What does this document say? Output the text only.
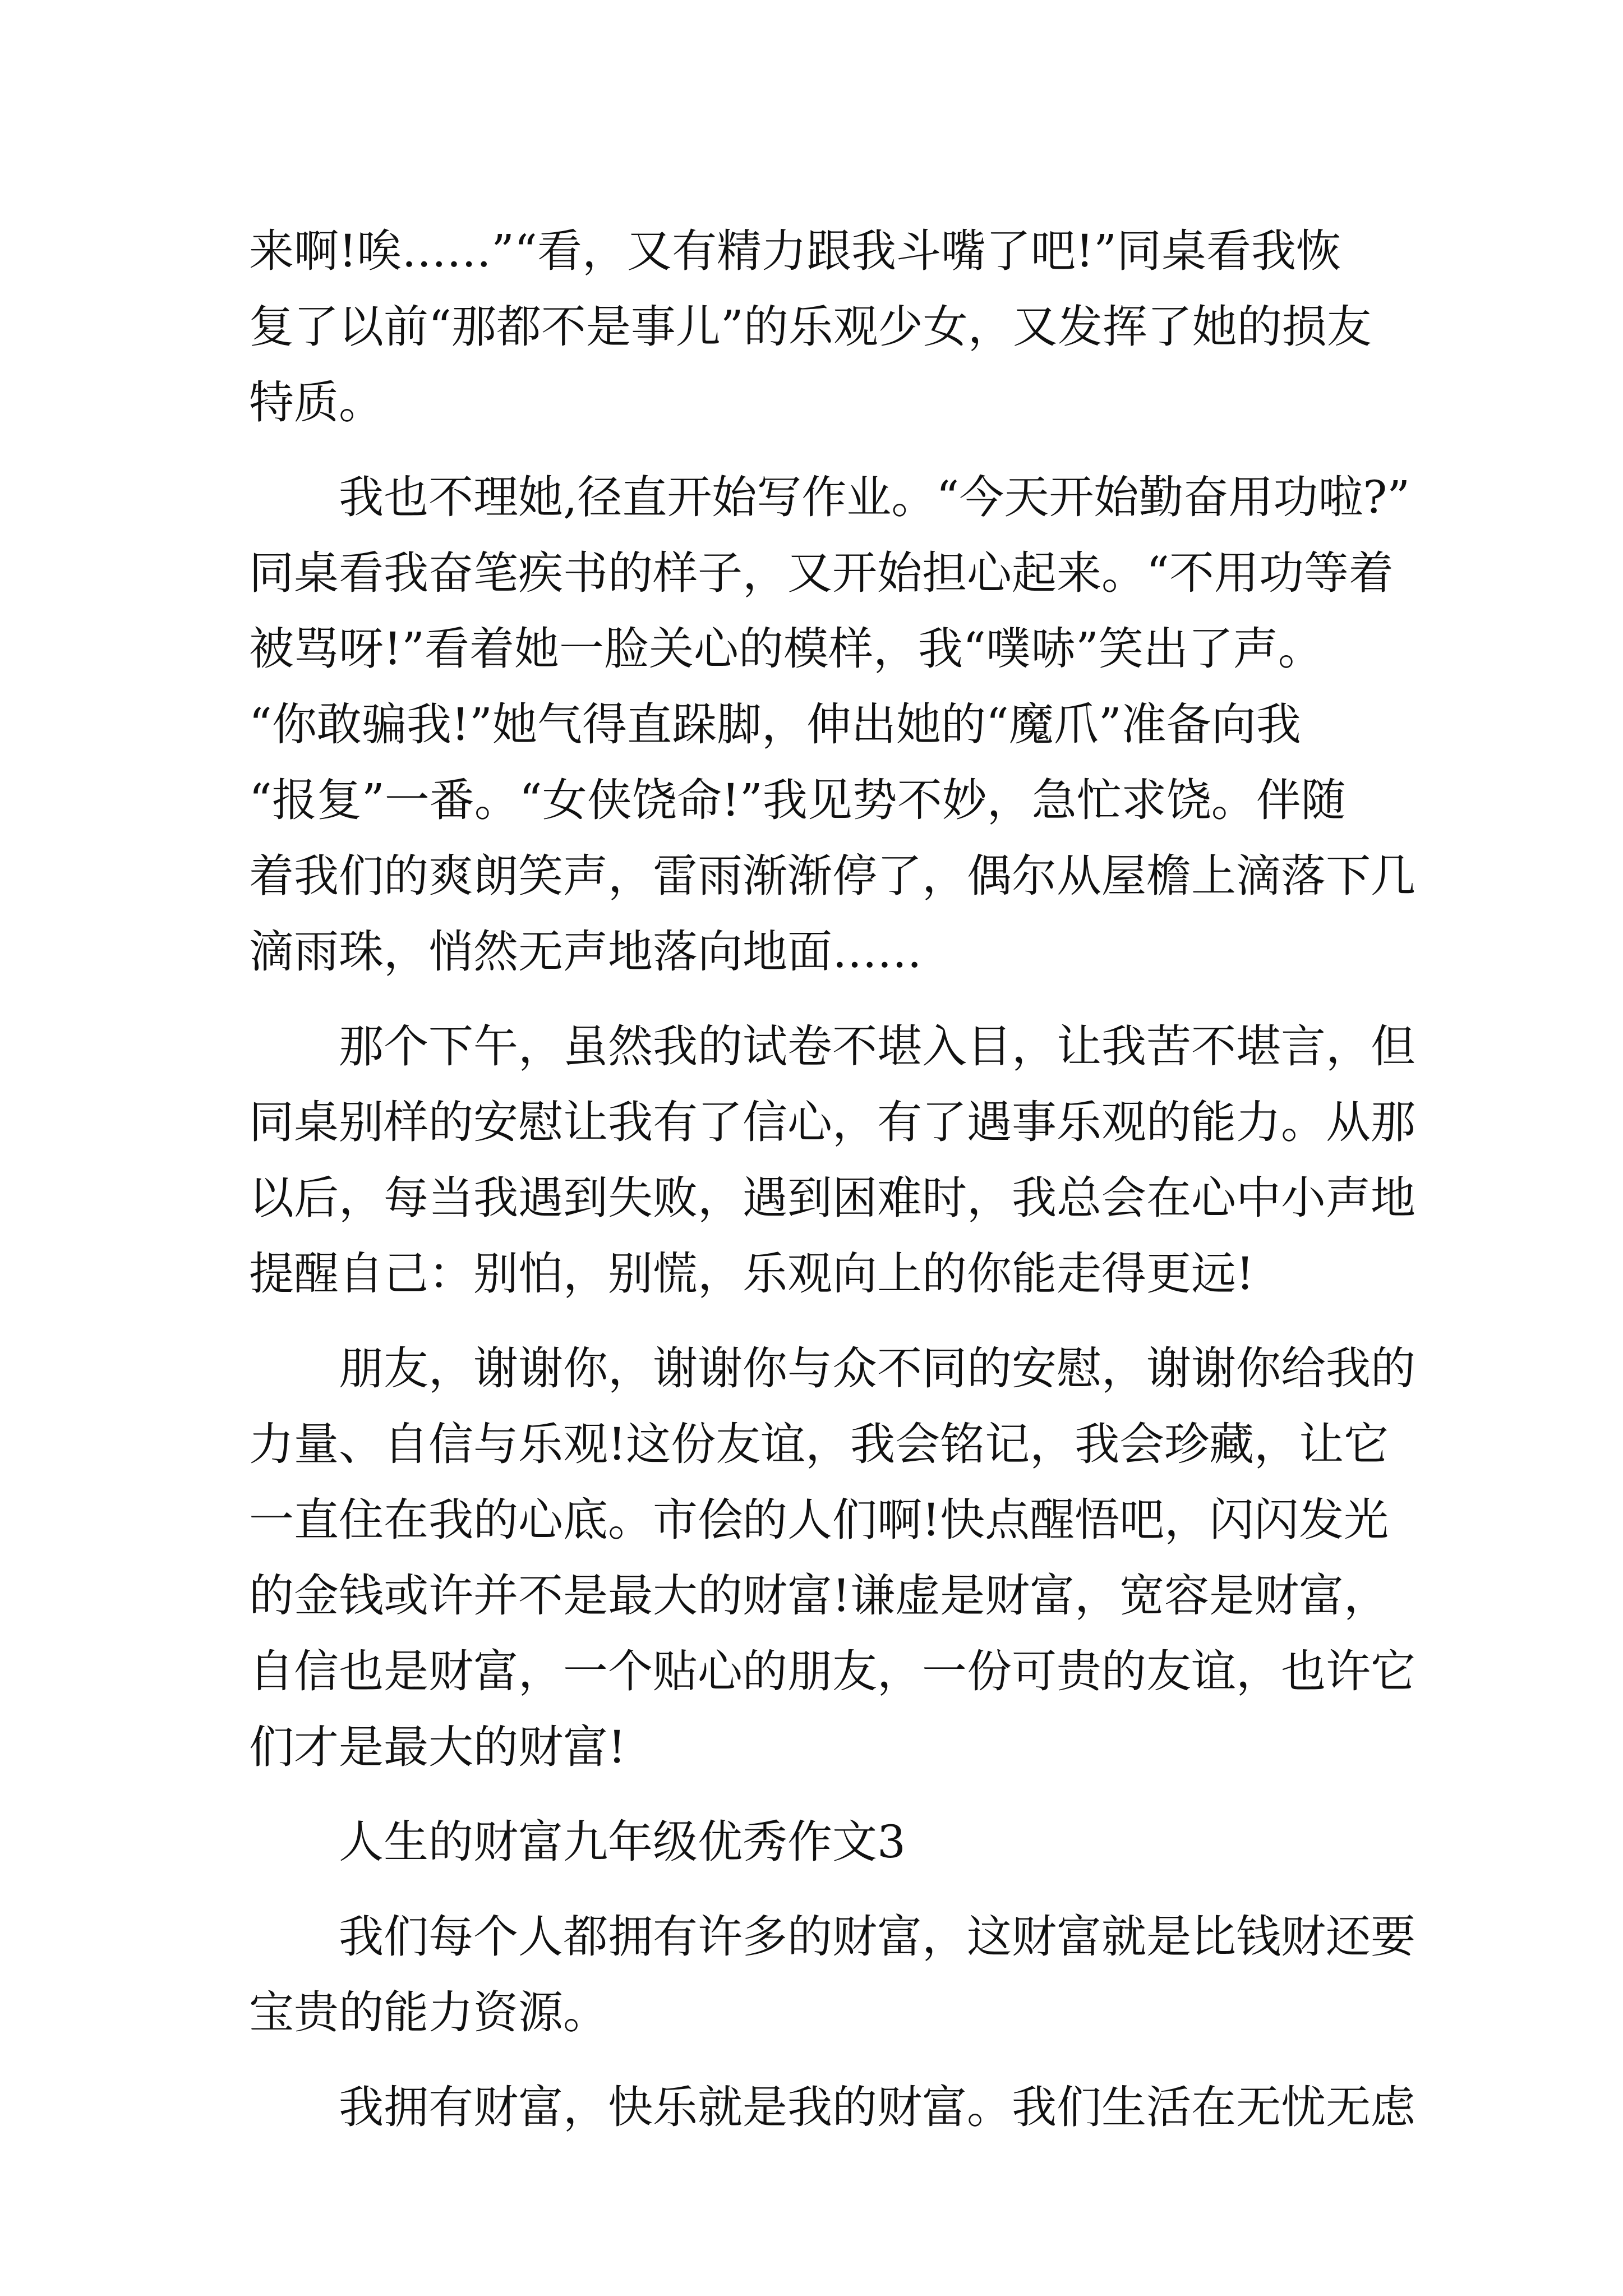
来啊!唉……”“看，又有精力跟我斗嘴了吧!”同桌看我恢
复了以前“那都不是事儿”的乐观少女，又发挥了她的损友
特质。
我也不理她,径直开始写作业。“今天开始勤奋用功啦?”
同桌看我奋笔疾书的样子，又开始担心起来。“不用功等着
被骂呀!”看着她一脸关心的模样，我“噗哧”笑出了声。
“你敢骗我!”她气得直跺脚，伸出她的“魔爪”准备向我
“报复”一番。“女侠饶命!”我见势不妙，急忙求饶。伴随
着我们的爽朗笑声，雷雨渐渐停了，偶尔从屋檐上滴落下几
滴雨珠，悄然无声地落向地面……
那个下午，虽然我的试卷不堪入目，让我苦不堪言，但
同桌别样的安慰让我有了信心，有了遇事乐观的能力。从那
以后，每当我遇到失败，遇到困难时，我总会在心中小声地
提醒自己：别怕，别慌，乐观向上的你能走得更远!
朋友，谢谢你，谢谢你与众不同的安慰，谢谢你给我的
力量、自信与乐观!这份友谊，我会铭记，我会珍藏，让它
一直住在我的心底。市侩的人们啊!快点醒悟吧，闪闪发光
的金钱或许并不是最大的财富!谦虚是财富，宽容是财富，
自信也是财富，一个贴心的朋友，一份可贵的友谊，也许它
们才是最大的财富!
人生的财富九年级优秀作文3
我们每个人都拥有许多的财富，这财富就是比钱财还要
宝贵的能力资源。
我拥有财富，快乐就是我的财富。我们生活在无忧无虑
